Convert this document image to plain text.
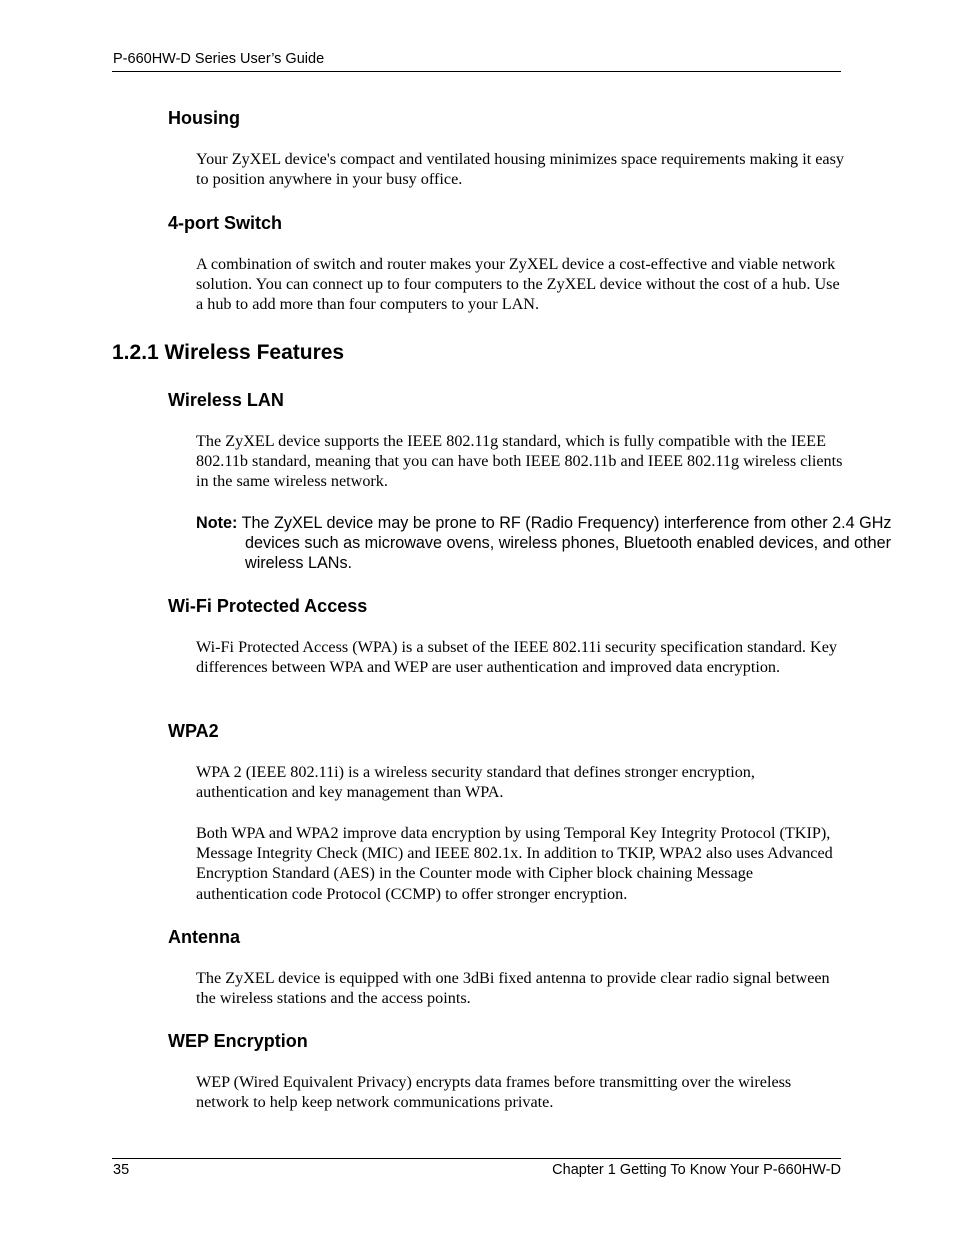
P-660HW-D Series User’s Guide
Housing

Your ZyXEL device's compact and ventilated housing minimizes space requirements making it easy to position anywhere in your busy office.

4-port Switch

A combination of switch and router makes your ZyXEL device a cost-effective and viable network solution. You can connect up to four computers to the ZyXEL device without the cost of a hub. Use a hub to add more than four computers to your LAN.

1.2.1 Wireless Features
Wireless LAN

The ZyXEL device supports the IEEE 802.11g standard, which is fully compatible with the IEEE 802.11b standard, meaning that you can have both IEEE 802.11b and IEEE 802.11g wireless clients in the same wireless network.

Note: The ZyXEL device may be prone to RF (Radio Frequency) interference from other 2.4 GHz devices such as microwave ovens, wireless phones, Bluetooth enabled devices, and other wireless LANs.

Wi-Fi Protected Access

Wi-Fi Protected Access (WPA) is a subset of the IEEE 802.11i security specification standard. Key differences between WPA and WEP are user authentication and improved data encryption.

WPA2

WPA 2 (IEEE 802.11i) is a wireless security standard that defines stronger encryption, authentication and key management than WPA.

Both WPA and WPA2 improve data encryption by using Temporal Key Integrity Protocol (TKIP), Message Integrity Check (MIC) and IEEE 802.1x. In addition to TKIP, WPA2 also uses Advanced Encryption Standard (AES) in the Counter mode with Cipher block chaining Message authentication code Protocol (CCMP) to offer stronger encryption.

Antenna

The ZyXEL device is equipped with one 3dBi fixed antenna to provide clear radio signal between the wireless stations and the access points.

WEP Encryption

WEP (Wired Equivalent Privacy) encrypts data frames before transmitting over the wireless network to help keep network communications private.

35	Chapter 1 Getting To Know Your P-660HW-D
